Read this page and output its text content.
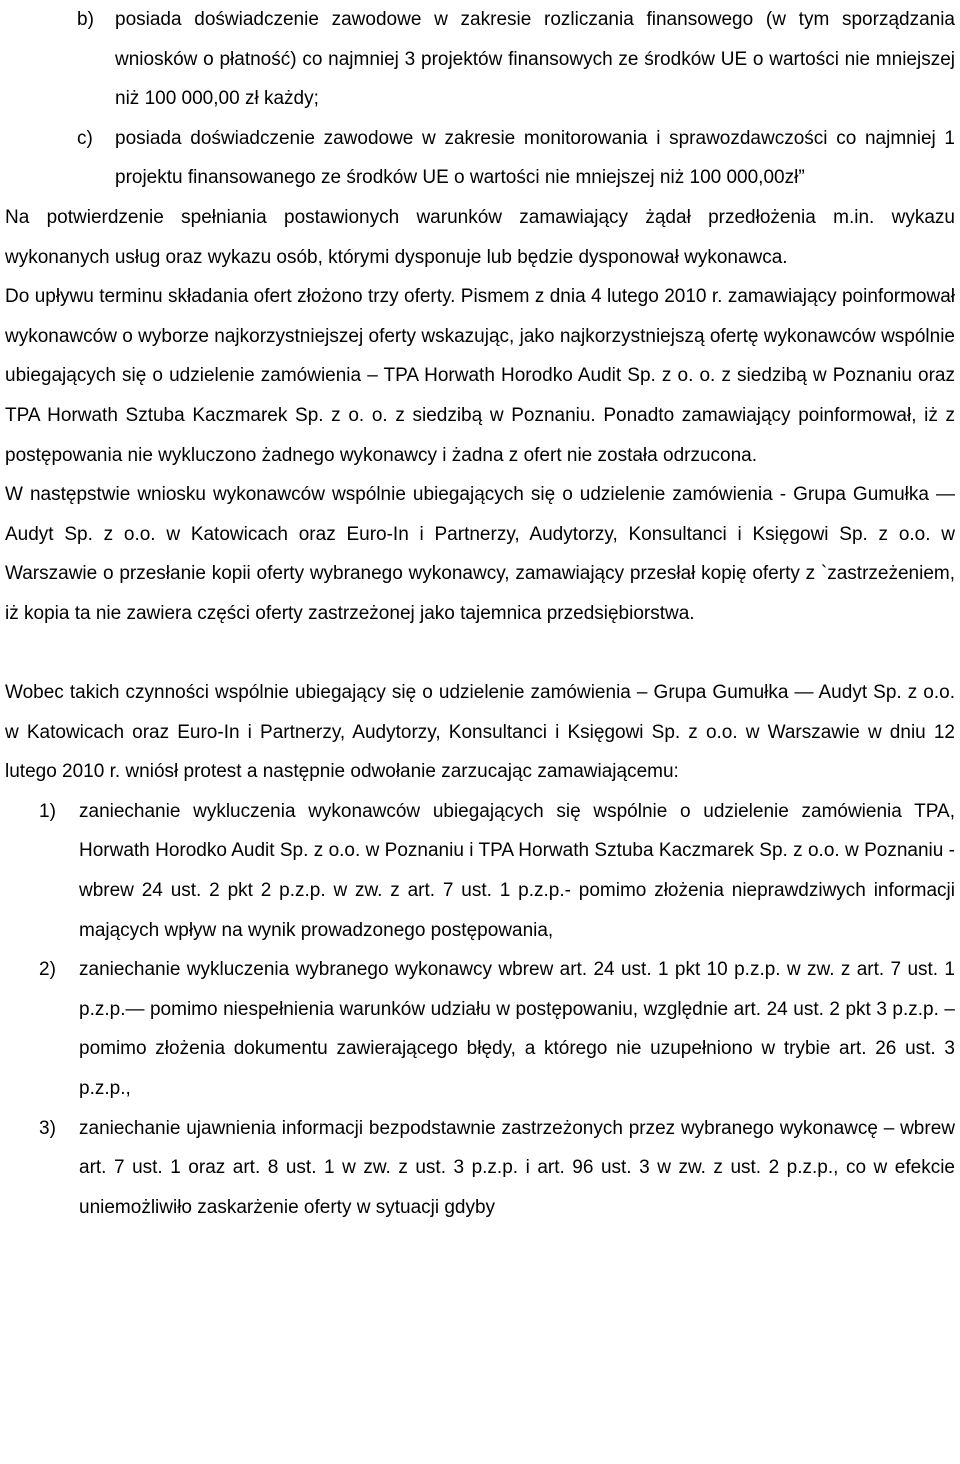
b)	posiada doświadczenie zawodowe w zakresie rozliczania finansowego (w tym sporządzania wniosków o płatność) co najmniej 3 projektów finansowych ze środków UE o wartości nie mniejszej niż 100 000,00 zł każdy;
c)	posiada doświadczenie zawodowe w zakresie monitorowania i sprawozdawczości co najmniej 1 projektu finansowanego ze środków UE o wartości nie mniejszej niż 100 000,00zł”

Na potwierdzenie spełniania postawionych warunków zamawiający żądał przedłożenia m.in. wykazu wykonanych usług oraz wykazu osób, którymi dysponuje lub będzie dysponował wykonawca.

Do upływu terminu składania ofert złożono trzy oferty. Pismem z dnia 4 lutego 2010 r. zamawiający poinformował wykonawców o wyborze najkorzystniejszej oferty wskazując, jako najkorzystniejszą ofertę wykonawców wspólnie ubiegających się o udzielenie zamówienia – TPA Horwath Horodko Audit Sp. z o. o. z siedzibą w Poznaniu oraz TPA Horwath Sztuba Kaczmarek Sp. z o. o. z siedzibą w Poznaniu. Ponadto zamawiający poinformował, iż z postępowania nie wykluczono żadnego wykonawcy i żadna z ofert nie została odrzucona.

W następstwie wniosku wykonawców wspólnie ubiegających się o udzielenie zamówienia - Grupa Gumułka — Audyt Sp. z o.o. w Katowicach oraz Euro-In i Partnerzy, Audytorzy, Konsultanci i Księgowi Sp. z o.o. w Warszawie o przesłanie kopii oferty wybranego wykonawcy, zamawiający przesłał kopię oferty z `zastrzeżeniem, iż kopia ta nie zawiera części oferty zastrzeżonej jako tajemnica przedsiębiorstwa.

Wobec takich czynności wspólnie ubiegający się o udzielenie zamówienia – Grupa Gumułka — Audyt Sp. z o.o. w Katowicach oraz Euro-In i Partnerzy, Audytorzy, Konsultanci i Księgowi Sp. z o.o. w Warszawie w dniu 12 lutego 2010 r. wniósł protest a następnie odwołanie zarzucając zamawiającemu:

1)	zaniechanie wykluczenia wykonawców ubiegających się wspólnie o udzielenie zamówienia TPA, Horwath Horodko Audit Sp. z o.o. w Poznaniu i TPA Horwath Sztuba Kaczmarek Sp. z o.o. w Poznaniu - wbrew 24 ust. 2 pkt 2 p.z.p. w zw. z art. 7 ust. 1 p.z.p.- pomimo złożenia nieprawdziwych informacji mających wpływ na wynik prowadzonego postępowania,
2)	zaniechanie wykluczenia wybranego wykonawcy wbrew art. 24 ust. 1 pkt 10 p.z.p. w zw. z art. 7 ust. 1 p.z.p.— pomimo niespełnienia warunków udziału w postępowaniu, względnie art. 24 ust. 2 pkt 3 p.z.p. – pomimo złożenia dokumentu zawierającego błędy, a którego nie uzupełniono w trybie art. 26 ust. 3 p.z.p.,
3)	zaniechanie ujawnienia informacji bezpodstawnie zastrzeżonych przez wybranego wykonawcę – wbrew art. 7 ust. 1 oraz art. 8 ust. 1 w zw. z ust. 3 p.z.p. i art. 96 ust. 3 w zw. z ust. 2 p.z.p., co w efekcie uniemożliwiło zaskarżenie oferty w sytuacji gdyby
